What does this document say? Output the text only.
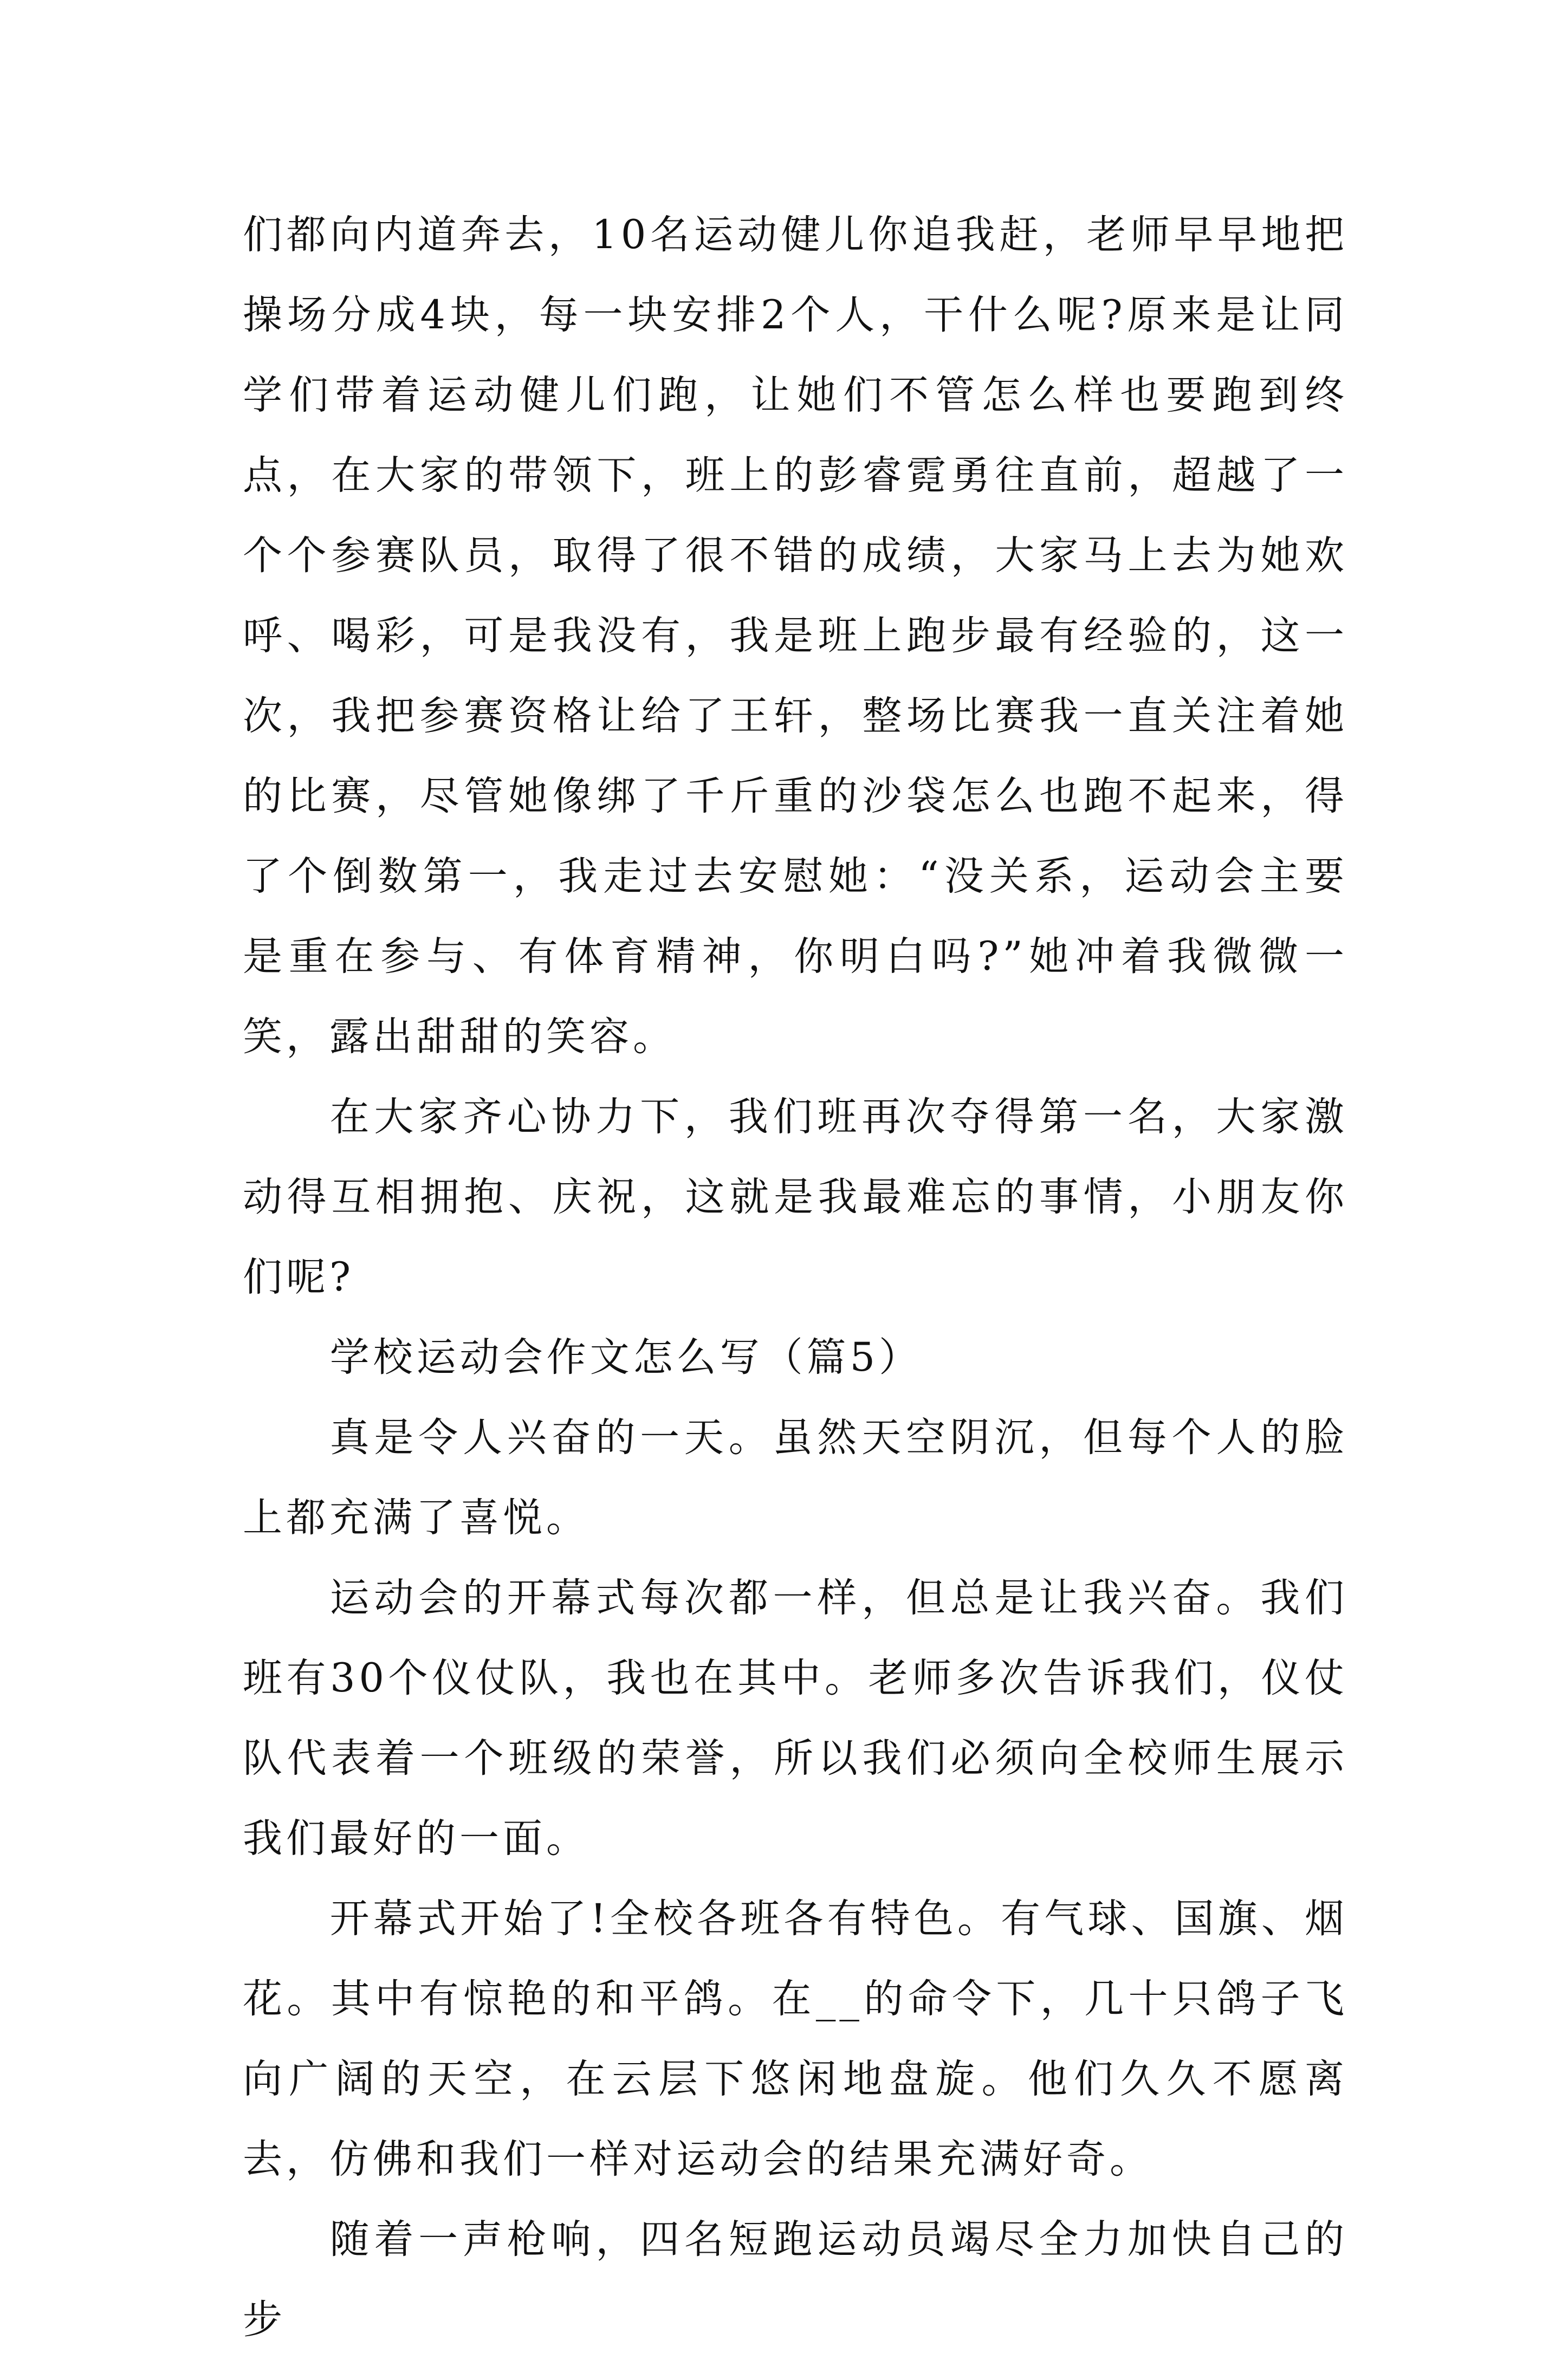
们都向内道奔去，10名运动健儿你追我赶，老师早早地把操场分成4块，每一块安排2个人，干什么呢?原来是让同学们带着运动健儿们跑，让她们不管怎么样也要跑到终点，在大家的带领下，班上的彭睿霓勇往直前，超越了一个个参赛队员，取得了很不错的成绩，大家马上去为她欢呼、喝彩，可是我没有，我是班上跑步最有经验的，这一次，我把参赛资格让给了王轩，整场比赛我一直关注着她的比赛，尽管她像绑了千斤重的沙袋怎么也跑不起来，得了个倒数第一，我走过去安慰她：“没关系，运动会主要是重在参与、有体育精神，你明白吗?”她冲着我微微一笑，露出甜甜的笑容。

在大家齐心协力下，我们班再次夺得第一名，大家激动得互相拥抱、庆祝，这就是我最难忘的事情，小朋友你们呢?

学校运动会作文怎么写（篇5）

真是令人兴奋的一天。虽然天空阴沉，但每个人的脸上都充满了喜悦。

运动会的开幕式每次都一样，但总是让我兴奋。我们班有30个仪仗队，我也在其中。老师多次告诉我们，仪仗队代表着一个班级的荣誉，所以我们必须向全校师生展示我们最好的一面。

开幕式开始了!全校各班各有特色。有气球、国旗、烟花。其中有惊艳的和平鸽。在__的命令下，几十只鸽子飞向广阔的天空，在云层下悠闲地盘旋。他们久久不愿离去，仿佛和我们一样对运动会的结果充满好奇。

随着一声枪响，四名短跑运动员竭尽全力加快自己的步
